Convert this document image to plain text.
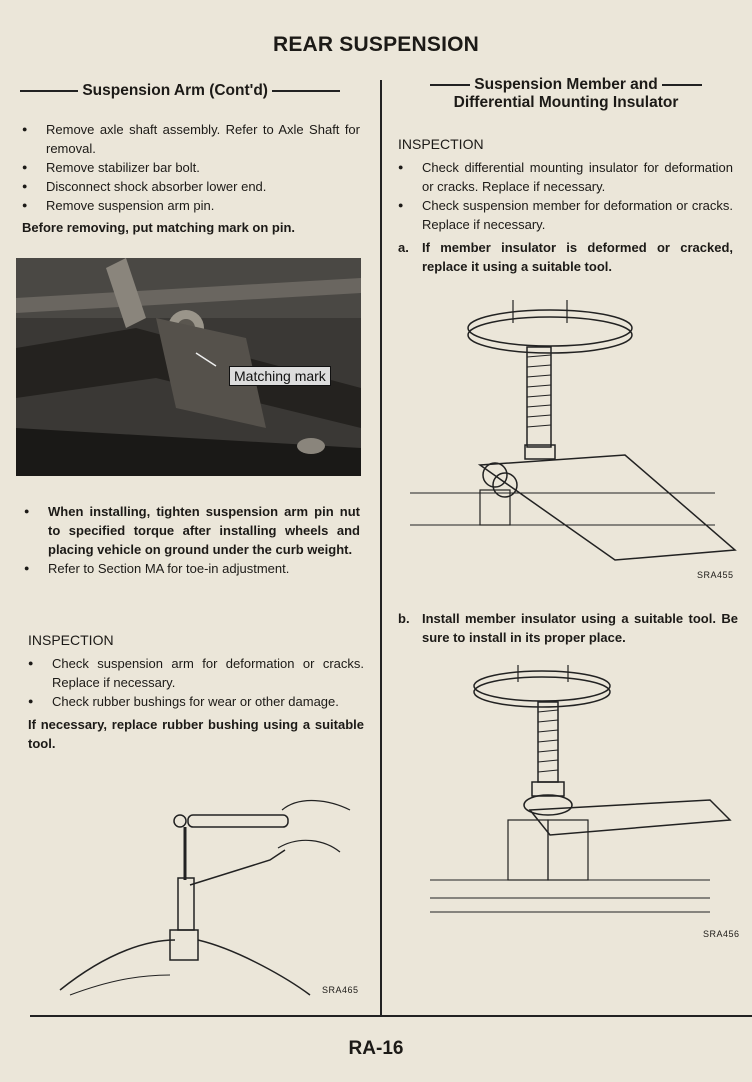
REAR SUSPENSION
Suspension Arm (Cont'd)	Suspension Member and
Differential Mounting Insulator

● Remove axle shaft assembly. Refer to Axle Shaft for removal.

● Remove stabilizer bar bolt.

● Disconnect shock absorber lower end.

● Remove suspension arm pin.

Before removing, put matching mark on pin.

Matching mark

● When installing, tighten suspension arm pin nut to specified torque after installing wheels and placing vehicle on ground under the curb weight.

● Refer to Section MA for toe-in adjustment.

INSPECTION

● Check suspension arm for deformation or cracks. Replace if necessary.

● Check rubber bushings for wear or other damage.

If necessary, replace rubber bushing using a suitable tool.

SRA465

INSPECTION

● Check differential mounting insulator for deformation or cracks. Replace if necessary.

● Check suspension member for deformation or cracks. Replace if necessary.

a. If member insulator is deformed or cracked, replace it using a suitable tool.

SRA455

b. Install member insulator using a suitable tool. Be sure to install in its proper place.

SRA456
RA-16
